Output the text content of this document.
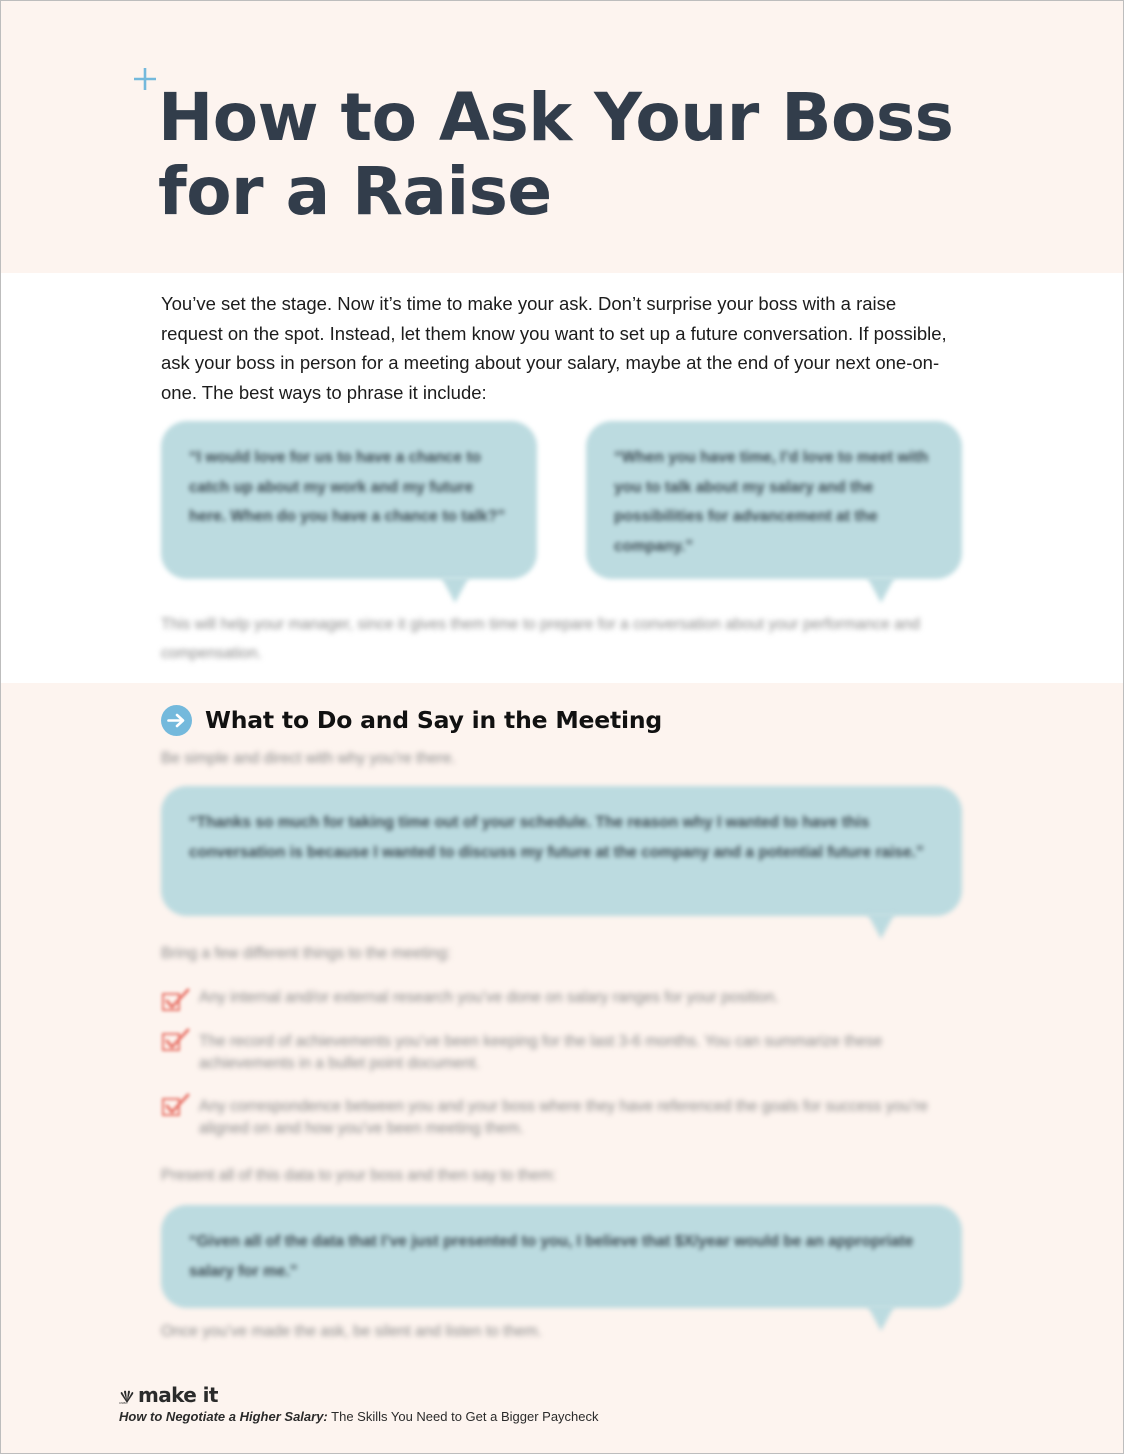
How to Ask Your Boss
for a Raise

You’ve set the stage. Now it’s time to make your ask. Don’t surprise your boss with a raise request on the spot. Instead, let them know you want to set up a future conversation. If possible, ask your boss in person for a meeting about your salary, maybe at the end of your next one-on-one. The best ways to phrase it include:

“I would love for us to have a chance to catch up about my work and my future here. When do you have a chance to talk?”
“When you have time, I’d love to meet with you to talk about my salary and the possibilities for advancement at the company.”

This will help your manager, since it gives them time to prepare for a conversation about your performance and compensation.

What to Do and Say in the Meeting

Be simple and direct with why you’re there.

“Thanks so much for taking time out of your schedule. The reason why I wanted to have this conversation is because I wanted to discuss my future at the company and a potential future raise.”

Bring a few different things to the meeting:

Any internal and/or external research you’ve done on salary ranges for your position.

The record of achievements you’ve been keeping for the last 3-6 months. You can summarize these achievements in a bullet point document.

Any correspondence between you and your boss where they have referenced the goals for success you’re aligned on and how you’ve been meeting them.

Present all of this data to your boss and then say to them:

“Given all of the data that I’ve just presented to you, I believe that $X/year would be an appropriate salary for me.”

Once you’ve made the ask, be silent and listen to them.

CNBC make it
How to Negotiate a Higher Salary: The Skills You Need to Get a Bigger Paycheck
